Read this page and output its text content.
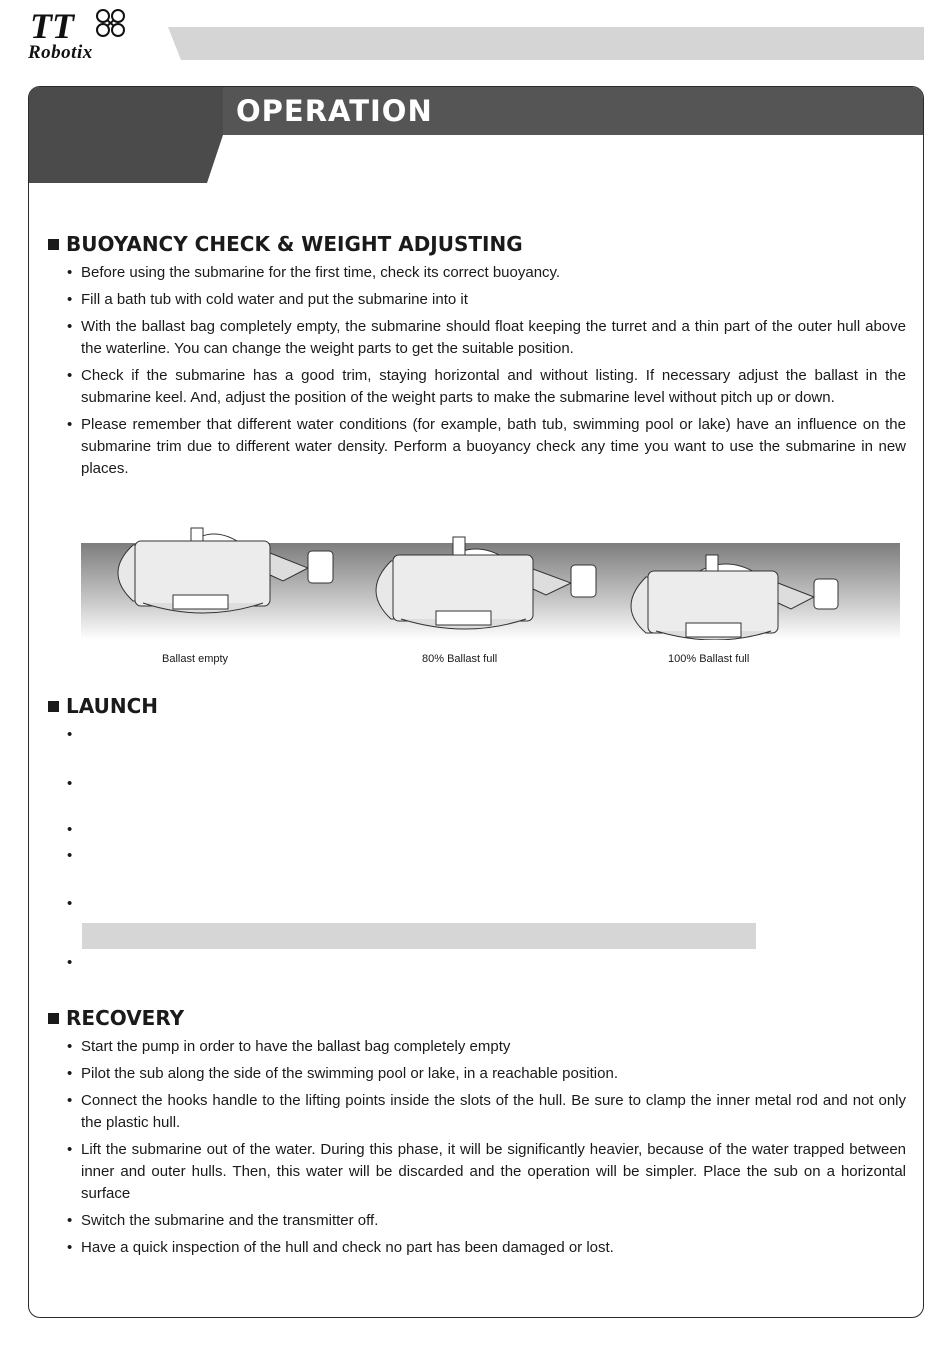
TT
Robotix
OPERATION
BUOYANCY CHECK & WEIGHT ADJUSTING
• Before using the submarine for the first time, check its correct buoyancy.
• Fill a bath tub with cold water and put the submarine into it
• With the ballast bag completely empty, the submarine should float keeping the turret and a thin part of the outer hull above the waterline. You can change the weight parts to get the suitable position.
• Check if the submarine has a good trim, staying horizontal and without listing. If necessary adjust the ballast in the submarine keel. And, adjust the position of the weight parts to make the submarine level without pitch up or down.
• Please remember that different water conditions (for example, bath tub, swimming pool or lake) have an influence on the submarine trim due to different water density. Perform a buoyancy check any time you want to use the submarine in new places.
Ballast empty	80% Ballast full	100% Ballast full
LAUNCH
•
•
•
•
•
•
RECOVERY
• Start the pump in order to have the ballast bag completely empty
• Pilot the sub along the side of the swimming pool or lake, in a reachable position.
• Connect the hooks handle to the lifting points inside the slots of the hull. Be sure to clamp the inner metal rod and not only the plastic hull.
• Lift the submarine out of the water. During this phase, it will be significantly heavier, because of the water trapped between inner and outer hulls. Then, this water will be discarded and the operation will be simpler. Place the sub on a horizontal surface
• Switch the submarine and the transmitter off.
• Have a quick inspection of the hull and check no part has been damaged or lost.
